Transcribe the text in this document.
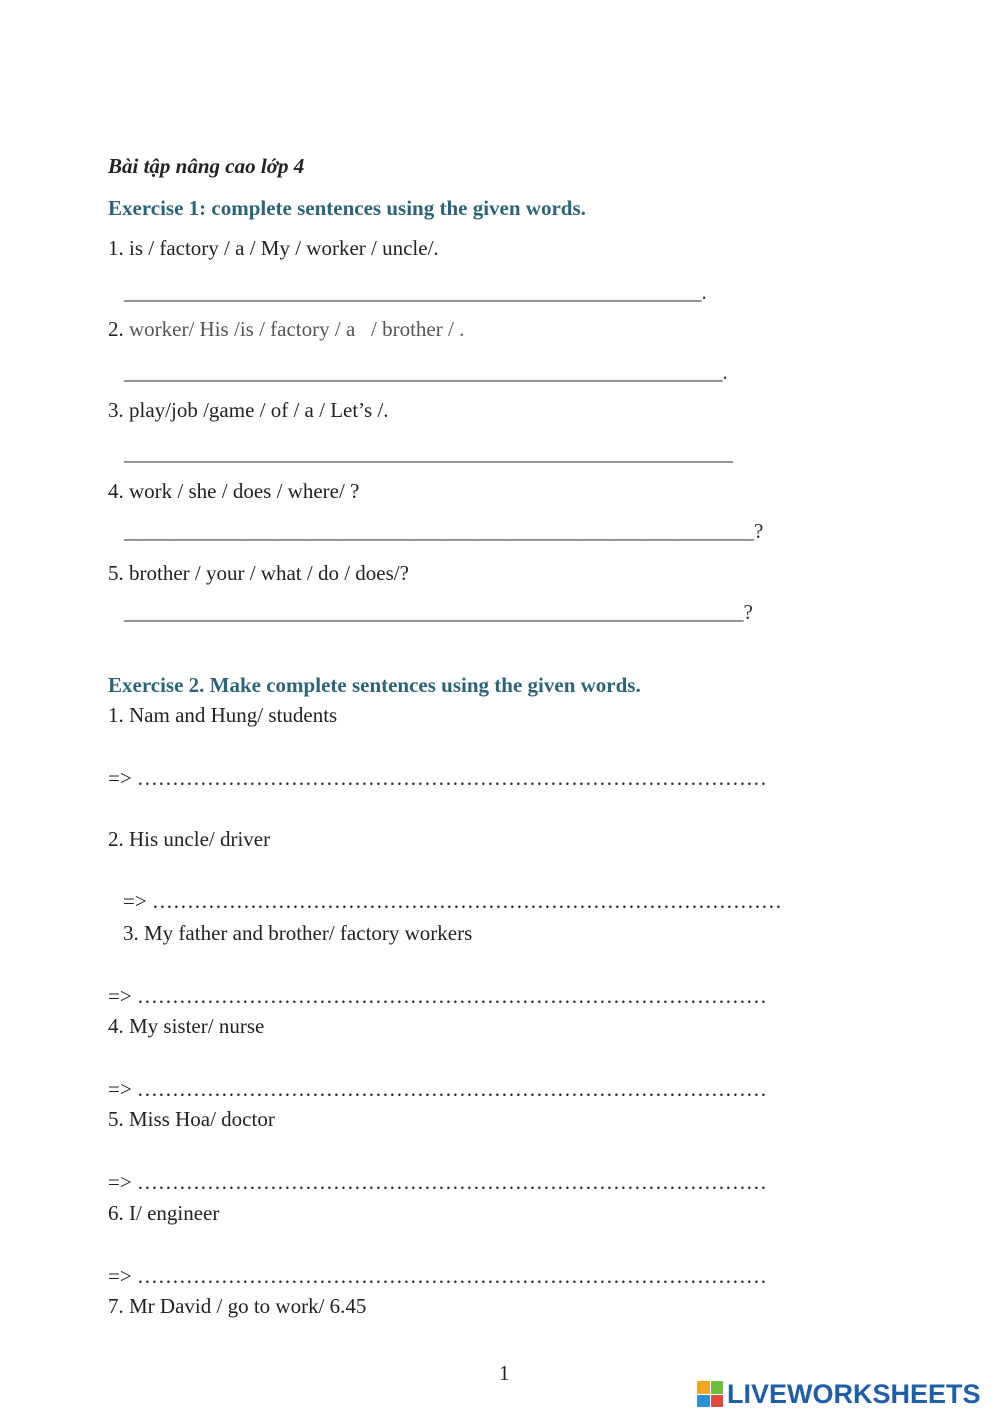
Bài tập nâng cao lớp 4
Exercise 1: complete sentences using the given words.
1. is / factory / a / My / worker / uncle/.
_______________________________________________________.
2. worker/ His /is / factory / a   / brother / .
_________________________________________________________.
3. play/job /game / of / a / Let’s /.
__________________________________________________________
4. work / she / does / where/ ?
____________________________________________________________?
5. brother / your / what / do / does/?
___________________________________________________________?
Exercise 2. Make complete sentences using the given words.
1. Nam and Hung/ students
=> ………………………………………………………………………………
2. His uncle/ driver
=> ………………………………………………………………………………
3. My father and brother/ factory workers
=> ………………………………………………………………………………
4. My sister/ nurse
=> ………………………………………………………………………………
5. Miss Hoa/ doctor
=> ………………………………………………………………………………
6. I/ engineer
=> ………………………………………………………………………………
7. Mr David / go to work/ 6.45
1
LIVEWORKSHEETS
